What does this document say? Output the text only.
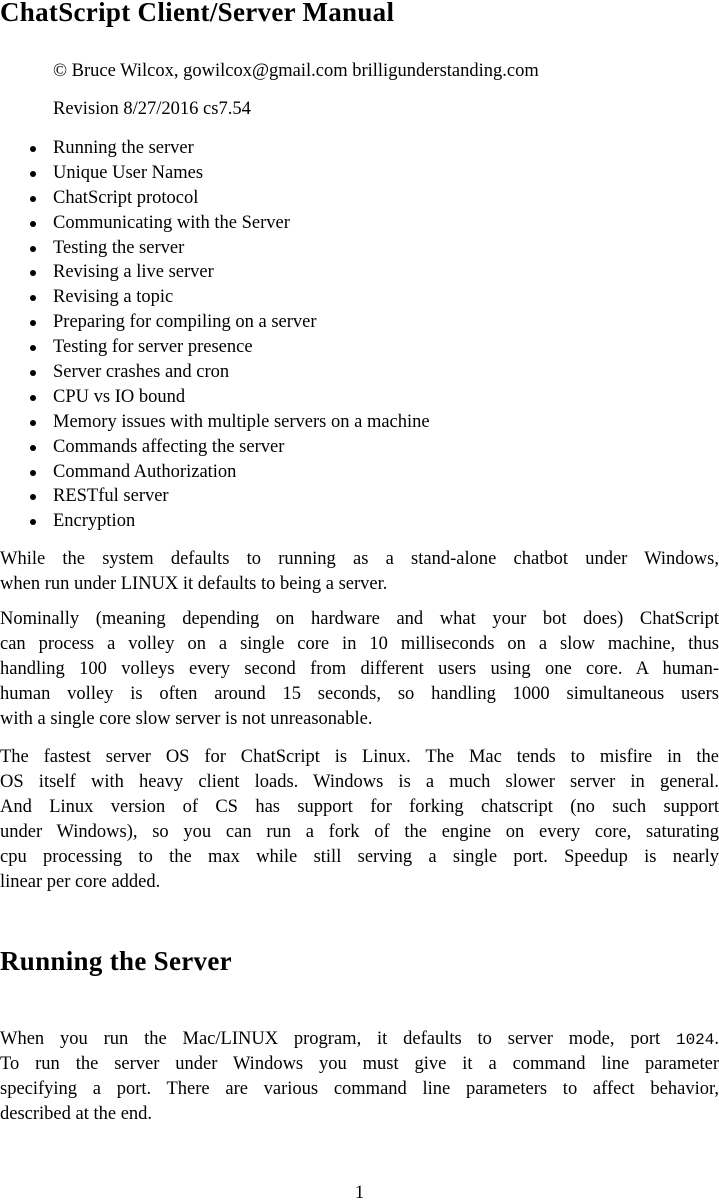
ChatScript Client/Server Manual
© Bruce Wilcox, gowilcox@gmail.com brilligunderstanding.com
Revision 8/27/2016 cs7.54
Running the server
Unique User Names
ChatScript protocol
Communicating with the Server
Testing the server
Revising a live server
Revising a topic
Preparing for compiling on a server
Testing for server presence
Server crashes and cron
CPU vs IO bound
Memory issues with multiple servers on a machine
Commands affecting the server
Command Authorization
RESTful server
Encryption
While the system defaults to running as a stand-alone chatbot under Windows,
when run under LINUX it defaults to being a server.
Nominally (meaning depending on hardware and what your bot does) ChatScript
can process a volley on a single core in 10 milliseconds on a slow machine, thus
handling 100 volleys every second from different users using one core. A human-
human volley is often around 15 seconds, so handling 1000 simultaneous users
with a single core slow server is not unreasonable.
The fastest server OS for ChatScript is Linux. The Mac tends to misfire in the
OS itself with heavy client loads. Windows is a much slower server in general.
And Linux version of CS has support for forking chatscript (no such support
under Windows), so you can run a fork of the engine on every core, saturating
cpu processing to the max while still serving a single port. Speedup is nearly
linear per core added.
Running the Server
When you run the Mac/LINUX program, it defaults to server mode, port 1024.
To run the server under Windows you must give it a command line parameter
specifying a port. There are various command line parameters to affect behavior,
described at the end.
1
